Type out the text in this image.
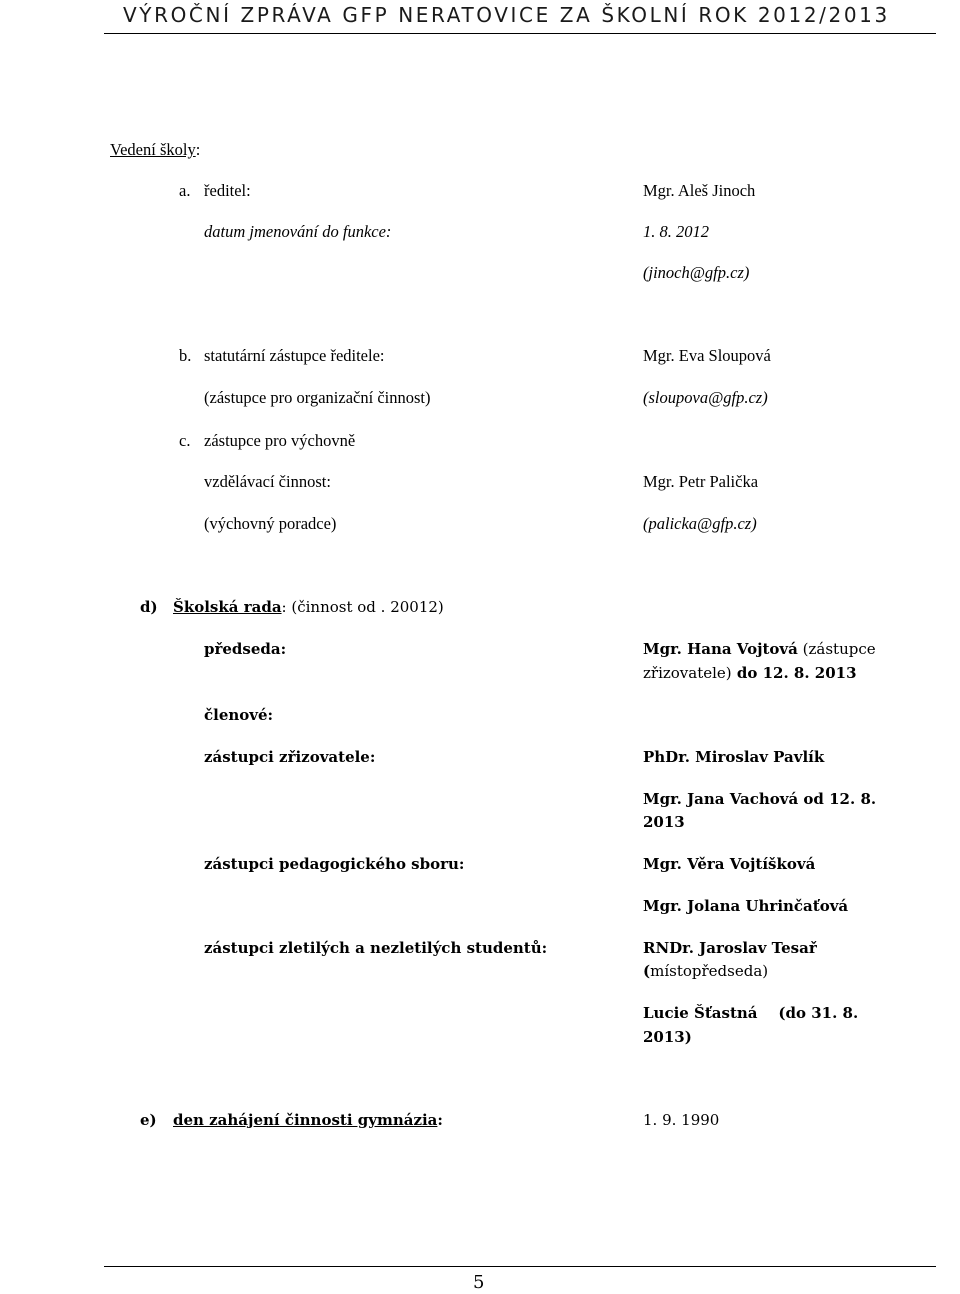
VÝROČNÍ ZPRÁVA GFP NERATOVICE ZA ŠKOLNÍ ROK 2012/2013
Vedení školy:
a. ředitel:	Mgr. Aleš Jinoch
datum jmenování do funkce:	1. 8. 2012
(jinoch@gfp.cz)
b. statutární zástupce ředitele:	Mgr. Eva Sloupová
(zástupce pro organizační činnost)	(sloupova@gfp.cz)
c. zástupce pro výchovně
vzdělávací činnost:	Mgr. Petr Palička
(výchovný poradce)	(palicka@gfp.cz)
d) Školská rada: (činnost od . 20012)
předseda:	Mgr. Hana Vojtová (zástupce
zřizovatele) do 12. 8. 2013
členové:
zástupci zřizovatele:	PhDr. Miroslav Pavlík
Mgr. Jana Vachová od 12. 8.
2013
zástupci pedagogického sboru:	Mgr. Věra Vojtíšková
Mgr. Jolana Uhrinčaťová
zástupci zletilých a nezletilých studentů:	RNDr. Jaroslav Tesař
(místopředseda)
Lucie Šťastná    (do 31. 8.
2013)
e) den zahájení činnosti gymnázia:	1. 9. 1990
5
